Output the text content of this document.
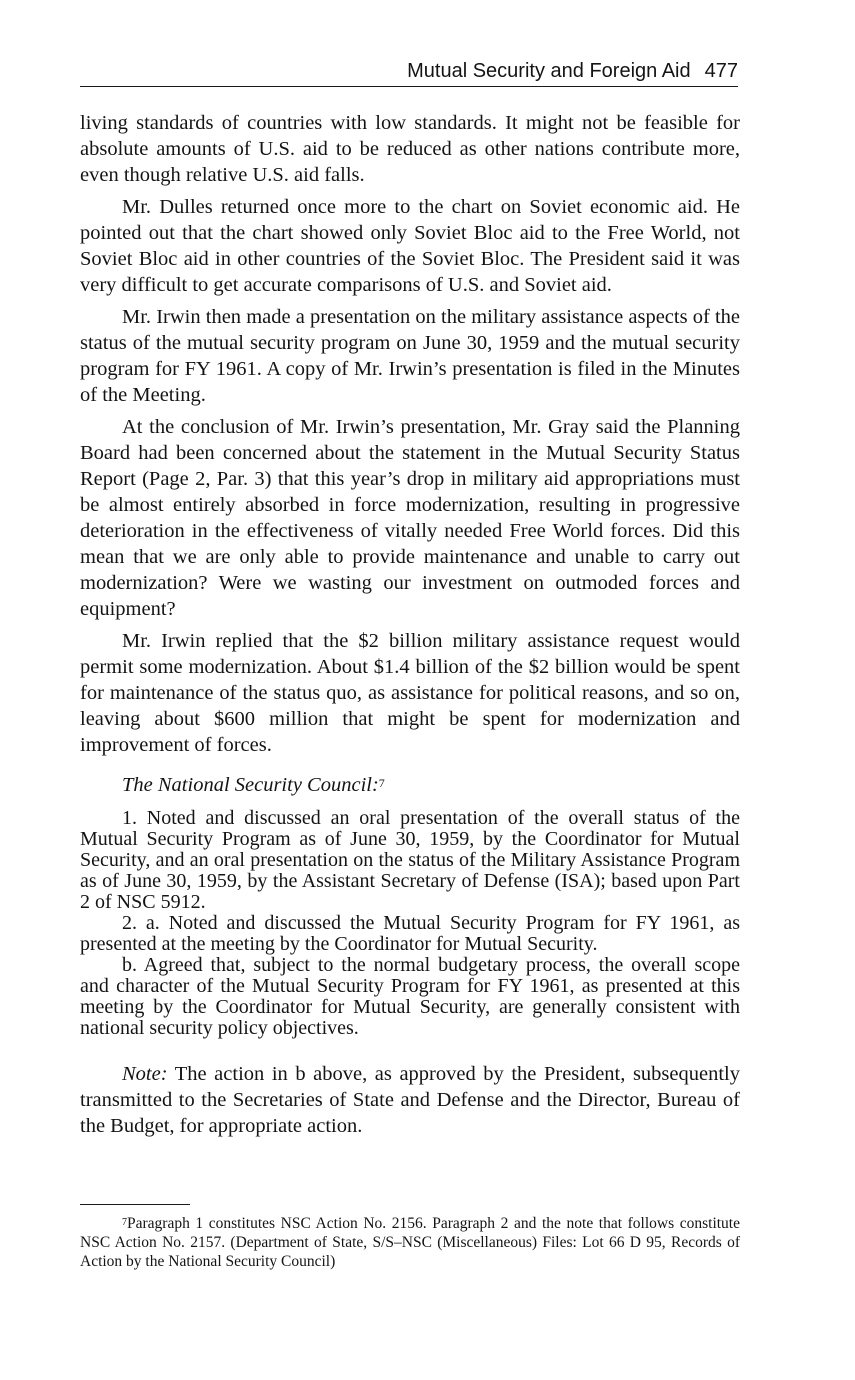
Mutual Security and Foreign Aid 477

living standards of countries with low standards. It might not be feasible for absolute amounts of U.S. aid to be reduced as other nations contribute more, even though relative U.S. aid falls.

Mr. Dulles returned once more to the chart on Soviet economic aid. He pointed out that the chart showed only Soviet Bloc aid to the Free World, not Soviet Bloc aid in other countries of the Soviet Bloc. The President said it was very difficult to get accurate comparisons of U.S. and Soviet aid.

Mr. Irwin then made a presentation on the military assistance aspects of the status of the mutual security program on June 30, 1959 and the mutual security program for FY 1961. A copy of Mr. Irwin’s presentation is filed in the Minutes of the Meeting.

At the conclusion of Mr. Irwin’s presentation, Mr. Gray said the Planning Board had been concerned about the statement in the Mutual Security Status Report (Page 2, Par. 3) that this year’s drop in military aid appropriations must be almost entirely absorbed in force modernization, resulting in progressive deterioration in the effectiveness of vitally needed Free World forces. Did this mean that we are only able to provide maintenance and unable to carry out modernization? Were we wasting our investment on outmoded forces and equipment?

Mr. Irwin replied that the $2 billion military assistance request would permit some modernization. About $1.4 billion of the $2 billion would be spent for maintenance of the status quo, as assistance for political reasons, and so on, leaving about $600 million that might be spent for modernization and improvement of forces.

The National Security Council:$^7$

1. Noted and discussed an oral presentation of the overall status of the Mutual Security Program as of June 30, 1959, by the Coordinator for Mutual Security, and an oral presentation on the status of the Military Assistance Program as of June 30, 1959, by the Assistant Secretary of Defense (ISA); based upon Part 2 of NSC 5912.

2. a. Noted and discussed the Mutual Security Program for FY 1961, as presented at the meeting by the Coordinator for Mutual Security.

b. Agreed that, subject to the normal budgetary process, the overall scope and character of the Mutual Security Program for FY 1961, as presented at this meeting by the Coordinator for Mutual Security, are generally consistent with national security policy objectives.

Note: The action in b above, as approved by the President, subsequently transmitted to the Secretaries of State and Defense and the Director, Bureau of the Budget, for appropriate action.

$^7$Paragraph 1 constitutes NSC Action No. 2156. Paragraph 2 and the note that follows constitute NSC Action No. 2157. (Department of State, S/S–NSC (Miscellaneous) Files: Lot 66 D 95, Records of Action by the National Security Council)
